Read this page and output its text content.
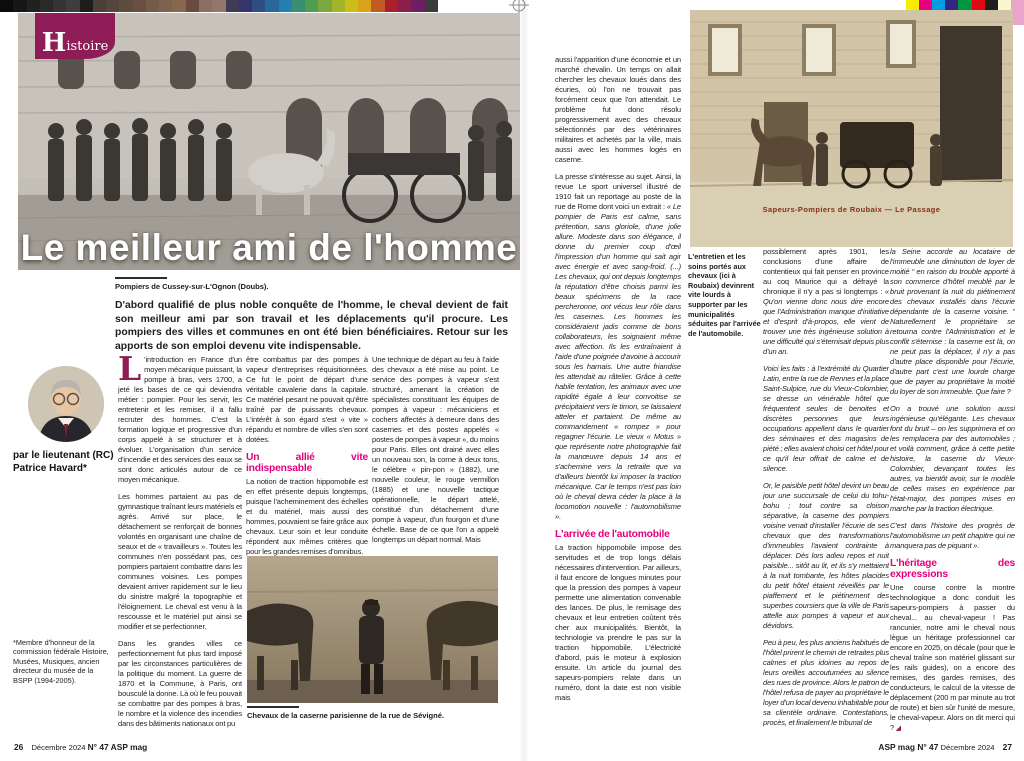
Le meilleur ami de l'homme
H istoire
Pompiers de Cussey-sur-L'Ognon (Doubs).

D'abord qualifié de plus noble conquête de l'homme, le cheval devient de fait son meilleur ami par son travail et les déplacements qu'il procure. Les pompiers des villes et communes en ont été bien bénéficiaires. Retour sur les apports de son emploi devenu vite indispensable.

par le lieutenant (RC) Patrice Havard*
*Membre d'honneur de la commission fédérale Histoire, Musées, Musiques, ancien directeur du musée de la BSPP (1994-2005).

L 'introduction en France d'un moyen mécanique puissant, la pompe à bras, vers 1700, a jeté les bases de ce qui deviendra métier : pompier. Pour les servir, les entretenir et les remiser, il a fallu recruter des hommes. C'est la formation logique et progressive d'un corps appelé à se structurer et à évoluer. L'organisation d'un service d'incendie et des services des eaux se sont donc articulés autour de ce moyen mécanique.

Les hommes partaient au pas de gymnastique traînant leurs matériels et agrès. Arrivé sur place, le détachement se renforçait de bonnes volontés en organisant une chaîne de seaux et de « travailleurs ». Toutes les communes n'en possédant pas, ces pompiers partaient combattre dans les communes voisines. Les pompes devaient arriver rapidement sur le lieu du sinistre malgré la topographie et l'éloignement. Le cheval est venu à la rescousse et le matériel put ainsi se modifier et se perfectionner.

Dans les grandes villes ce perfectionnement fut plus tard imposé par les circonstances particulières de la politique du moment. La guerre de 1870 et la Commune, à Paris, ont bousculé la donne. Là où le feu pouvait se combattre par des pompes à bras, le nombre et la violence des incendies dans des bâtiments nationaux ont pu

être combattus par des pompes à vapeur d'entreprises réquisitionnées. Ce fut le point de départ d'une véritable cavalerie dans la capitale. Ce matériel pesant ne pouvait qu'être traîné par de puissants chevaux. L'intérêt à son égard s'est « vite » répandu et nombre de villes s'en sont dotées.

Un allié vite indispensable

La notion de traction hippomobile est en effet présente depuis longtemps, puisque l'acheminement des échelles et du matériel, mais aussi des hommes, pouvaient se faire grâce aux chevaux. Leur soin et leur conduite répondent aux mêmes critères que pour les grandes remises d'omnibus.

Une technique de départ au feu à l'aide des chevaux a été mise au point. Le service des pompes à vapeur s'est structuré, amenant la création de spécialistes constituant les équipes de pompes à vapeur : mécaniciens et cochers affectés à demeure dans des casernes et des postes appelés « postes de pompes à vapeur », du moins pour Paris. Elles ont drainé avec elles un nouveau son, la corne à deux tons, le célèbre « pin-pon » (1882), une nouvelle couleur, le rouge vermillon (1885) et une nouvelle tactique opérationnelle, le départ attelé, constitué d'un détachement d'une pompe à vapeur, d'un fourgon et d'une échelle. Base de ce que l'on a appelé longtemps un départ normal. Mais

Chevaux de la caserne parisienne de la rue de Sévigné.
26 Décembre 2024 N° 47 ASP mag
Sapeurs-Pompiers de Roubaix — Le Passage
L'entretien et les soins portés aux chevaux (ici à Roubaix) devinrent vite lourds à supporter par les municipalités séduites par l'arrivée de l'automobile.

aussi l'apparition d'une économie et un marché chevalin. Un temps on allait chercher les chevaux loués dans des écuries, où l'on ne trouvait pas forcément ceux que l'on attendait. Le problème fut donc résolu progressivement avec des chevaux sélectionnés par des vétérinaires militaires et achetés par la ville, mais aussi avec les hommes logés en caserne.

La presse s'intéresse au sujet. Ainsi, la revue Le sport universel illustré de 1910 fait un reportage au poste de la rue de Rome dont voici un extrait : « Le pompier de Paris est calme, sans prétention, sans gloriole, d'une jolie allure. Modeste dans son élégance, il donne du premier coup d'œil l'impression d'un homme qui sait agir avec énergie et avec sang-froid. (...) Les chevaux, qui ont depuis longtemps la réputation d'être choisis parmi les beaux spécimens de la race percheronne, ont vécus leur rôle dans les casernes. Les hommes les considéraient jadis comme de bons collaborateurs, les soignaient même avec affection. Ils les entraînaient à l'aide d'une poignée d'avoine à accourir sous les harnais. Une autre friandise les attendait au râtelier. Grâce à cette habile tentation, les animaux avec une rapidité égale à leur convoitise se précipitaient vers le timon, se laissaient atteler et partaient. De même au commandement « rompez » pour regagner l'écurie. Le vieux « Motus » que représente notre photographie fait la manœuvre depuis 14 ans et s'achemine vers la retraite que va d'ailleurs bientôt lui imposer la traction mécanique. Car le temps n'est pas loin où le cheval devra céder la place à la locomotion nouvelle : l'automobilisme ».

L'arrivée de l'automobile

La traction hippomobile impose des servitudes et de trop longs délais nécessaires d'intervention. Par ailleurs, il faut encore de longues minutes pour que la pression des pompes à vapeur permette une alimentation convenable des lances. De plus, le remisage des chevaux et leur entretien coûtent très cher aux municipalités. Bientôt, la technologie va prendre le pas sur la traction hippomobile. L'électricité d'abord, puis le moteur à explosion ensuite. Un article du journal des sapeurs-pompiers relate dans un numéro, dont la date est non visible mais

possiblement après 1901, les conclusions d'une affaire de contentieux qui fait penser en province au coq Maurice qui a défrayé la chronique il n'y a pas si longtemps : « Qu'on vienne donc nous dire encore que l'Administration manque d'initiative et d'esprit d'à-propos, elle vient de trouver une très ingénieuse solution à une difficulté qui s'éternisait depuis plus d'un an.

Voici les faits : à l'extrémité du Quartier Latin, entre la rue de Rennes et la place Saint-Sulpice, rue du Vieux-Colombier, se dresse un vénérable hôtel que fréquentent seules de benoites et discrètes personnes que leurs occupations appellent dans le quartier des séminaires et des magasins de piété ; elles avaient choisi cet hôtel pour ce qu'il leur offrait de calme et de silence.

Or, le paisible petit hôtel devint un beau jour une succursale de celui du tohu-bohu ; tout contre sa cloison séparative, la caserne des pompiers voisine venait d'installer l'écurie de ses chevaux que des transformations d'immeubles l'avaient contrainte à déplacer. Dès lors adieu repos et nuit paisible... sitôt au lit, et ils s'y mettaient à la nuit tombante, les hôtes placides du petit hôtel étaient réveillés par le piaffement et le piétinement des superbes coursiers que la ville de Paris attelle aux pompes à vapeur et aux dévidoirs.

Peu à peu, les plus anciens habitués de l'hôtel prirent le chemin de retraites plus calmes et plus idoines au repos de leurs oreilles accoutumées au silence des rues de province. Alors le patron de l'hôtel refusa de payer au propriétaire le loyer d'un local devenu inhabitable pour sa clientèle ordinaire. Contestations, procès, et finalement le tribunal de

la Seine accorde au locataire de l'immeuble une diminution de loyer de moitié “ en raison du trouble apporté à son commerce d'hôtel meublé par le bruit provenant la nuit du piétinement des chevaux installés dans l'écurie dépendante de la caserne voisine. ” Naturellement le propriétaire se retourna contre l'Administration et le conflit s'éternise : la caserne est là, on ne peut pas la déplacer, il n'y a pas d'autre place disponible pour l'écurie, d'autre part c'est une lourde charge que de payer au propriétaire la moitié du loyer de son immeuble. Que faire ?

On a trouvé une solution aussi ingénieuse qu'élégante. Les chevaux font du bruit – on les supprimera et on les remplacera par des automobiles ; et voilà comment, grâce à cette petite histoire, la caserne du Vieux-Colombier, devançant toutes les autres, va bientôt avoir, sur le modèle de celles mises en expérience par l'état-major, des pompes mises en marche par la traction électrique.

C'est dans l'histoire des progrès de l'automobilisme un petit chapitre qui ne manquera pas de piquant ».

L'héritage des expressions

Une course contre la montre technologique a donc conduit les sapeurs-pompiers à passer du cheval... au cheval-vapeur ! Pas rancunier, notre ami le cheval nous lègue un héritage professionnel car encore en 2025, on décale (pour que le cheval traîne son matériel glissant sur les rails guides), on a encore des remises, des gardes remises, des conducteurs, le calcul de la vitesse de déplacement (200 m par minute au trot de route) et bien sûr l'unité de mesure, le cheval-vapeur. Alors on dit merci qui ? ◢

ASP mag N° 47 Décembre 2024 27
